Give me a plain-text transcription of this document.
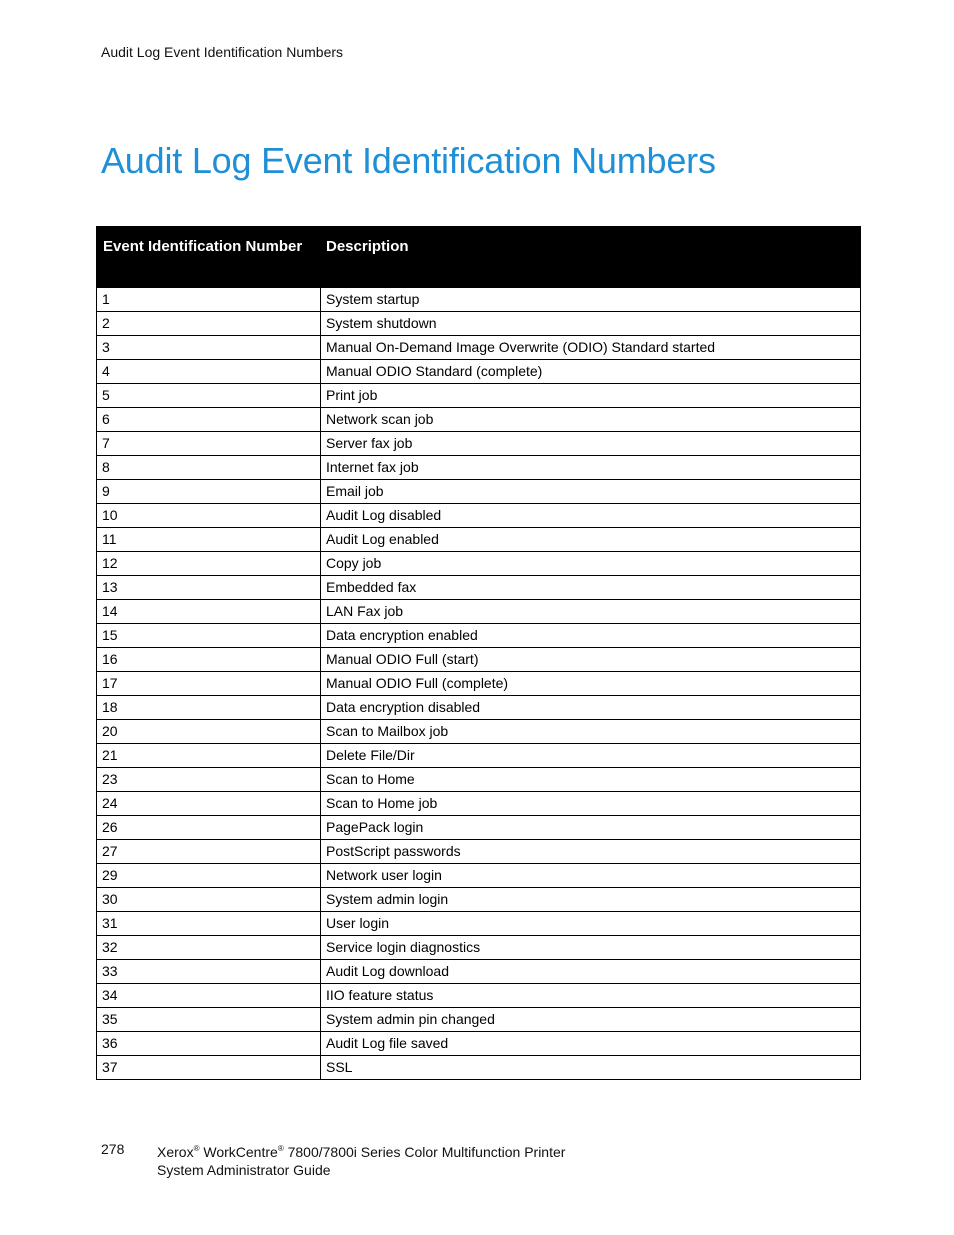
Audit Log Event Identification Numbers
Audit Log Event Identification Numbers
Event Identification Number	Description
1	System startup
2	System shutdown
3	Manual On-Demand Image Overwrite (ODIO) Standard started
4	Manual ODIO Standard (complete)
5	Print job
6	Network scan job
7	Server fax job
8	Internet fax job
9	Email job
10	Audit Log disabled
11	Audit Log enabled
12	Copy job
13	Embedded fax
14	LAN Fax job
15	Data encryption enabled
16	Manual ODIO Full (start)
17	Manual ODIO Full (complete)
18	Data encryption disabled
20	Scan to Mailbox job
21	Delete File/Dir
23	Scan to Home
24	Scan to Home job
26	PagePack login
27	PostScript passwords
29	Network user login
30	System admin login
31	User login
32	Service login diagnostics
33	Audit Log download
34	IIO feature status
35	System admin pin changed
36	Audit Log file saved
37	SSL
278 Xerox® WorkCentre® 7800/7800i Series Color Multifunction Printer
System Administrator Guide
